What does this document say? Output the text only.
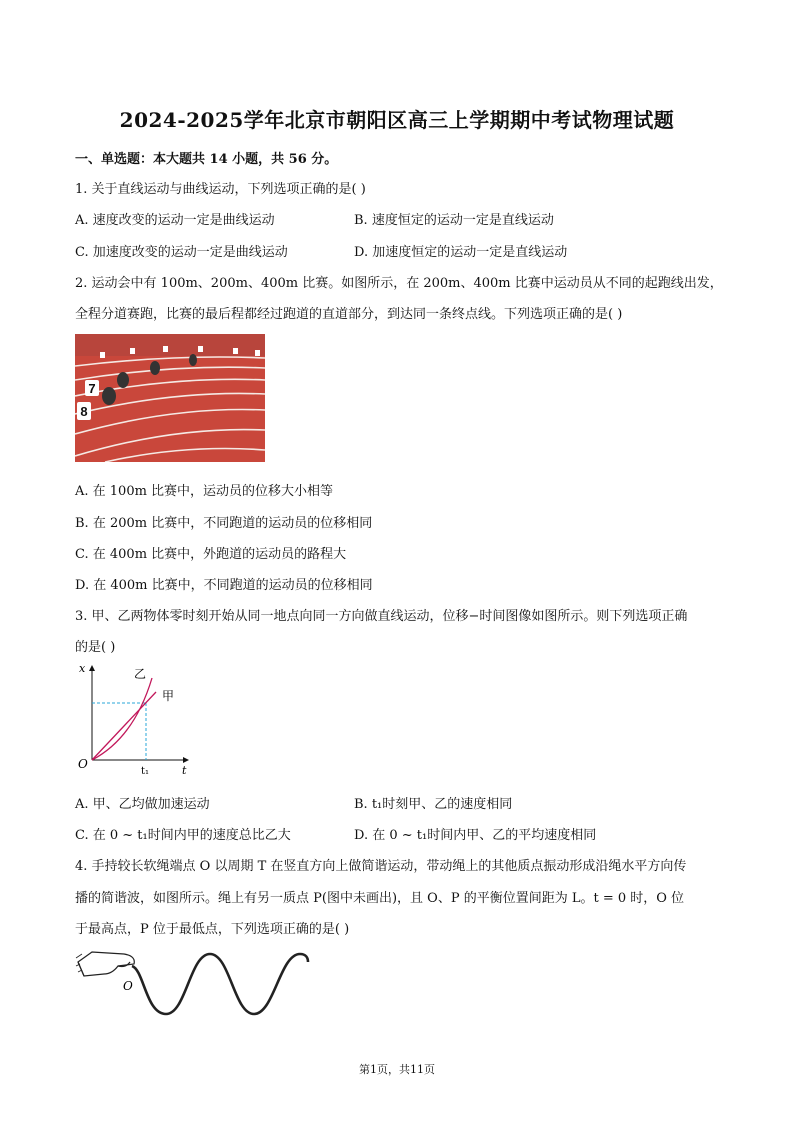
2024-2025学年北京市朝阳区高三上学期期中考试物理试题
一、单选题：本大题共 14 小题，共 56 分。
1. 关于直线运动与曲线运动，下列选项正确的是( )
A. 速度改变的运动一定是曲线运动	B. 速度恒定的运动一定是直线运动
C. 加速度改变的运动一定是曲线运动	D. 加速度恒定的运动一定是直线运动
2. 运动会中有 100m、200m、400m 比赛。如图所示，在 200m、400m 比赛中运动员从不同的起跑线出发，
全程分道赛跑，比赛的最后程都经过跑道的直道部分，到达同一条终点线。下列选项正确的是( )
7
8
A. 在 100m 比赛中，运动员的位移大小相等
B. 在 200m 比赛中，不同跑道的运动员的位移相同
C. 在 400m 比赛中，外跑道的运动员的路程大
D. 在 400m 比赛中，不同跑道的运动员的位移相同
3. 甲、乙两物体零时刻开始从同一地点向同一方向做直线运动，位移−时间图像如图所示。则下列选项正确
的是( )
x
t
O
t₁
乙
甲
A. 甲、乙均做加速运动	B. t₁时刻甲、乙的速度相同
C. 在 0 ~ t₁时间内甲的速度总比乙大	D. 在 0 ~ t₁时间内甲、乙的平均速度相同
4. 手持较长软绳端点 O 以周期 T 在竖直方向上做简谐运动，带动绳上的其他质点振动形成沿绳水平方向传
播的简谐波，如图所示。绳上有另一质点 P(图中未画出)，且 O、P 的平衡位置间距为 L。t = 0 时，O 位
于最高点，P 位于最低点，下列选项正确的是( )
O
第1页，共11页
